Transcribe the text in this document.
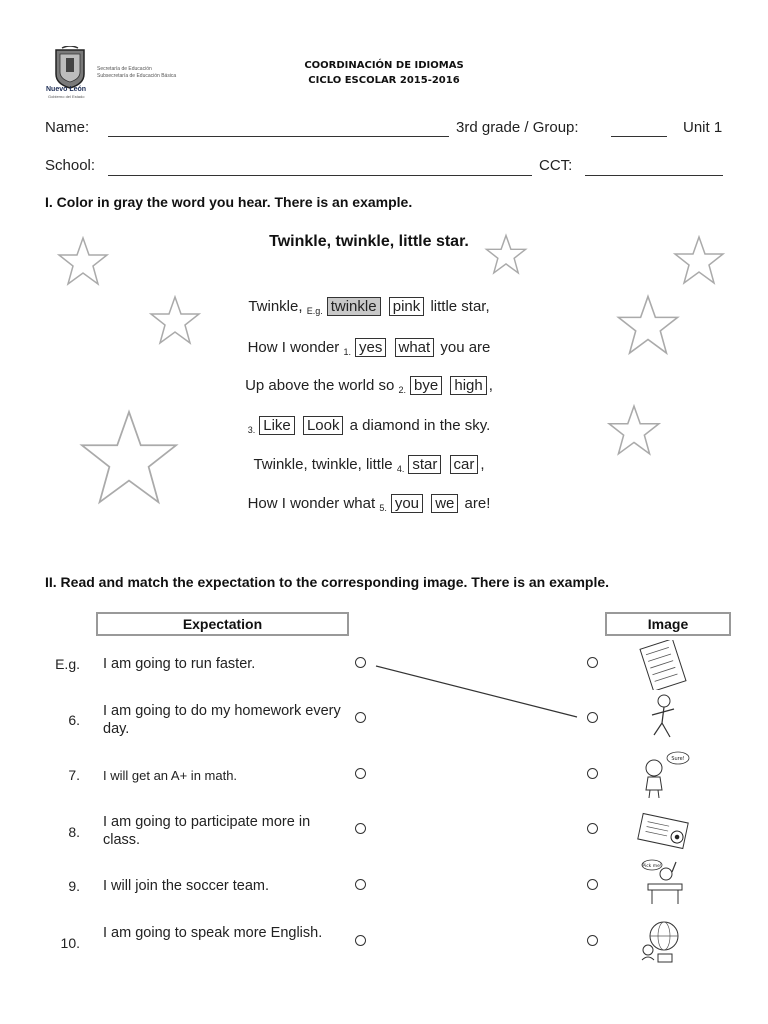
Nuevo León
Gobierno del Estado
Secretaría de Educación
Subsecretaría de Educación Básica
COORDINACIÓN DE IDIOMAS
CICLO ESCOLAR 2015-2016
Name:	3rd grade / Group:	Unit 1
School:	CCT:
I. Color in gray the word you hear. There is an example.
Twinkle, twinkle, little star.
Twinkle, $_{E.g.}$ twinkle pink little star,
How I wonder $_{1.}$ yes what you are
Up above the world so $_{2.}$ bye high ,
$_{3.}$ Like Look a diamond in the sky.
Twinkle, twinkle, little $_{4.}$ star car ,
How I wonder what $_{5.}$ you we are!
II. Read and match the expectation to the corresponding image. There is an example.
Expectation	Image
E.g. I am going to run faster.
6.
I am going to do my homework every day.
7. I will get an A+ in math.
8.
I am going to participate more in class.
9. I will join the soccer team.
10.
I am going to speak more English.
Sure!
Pick me!
